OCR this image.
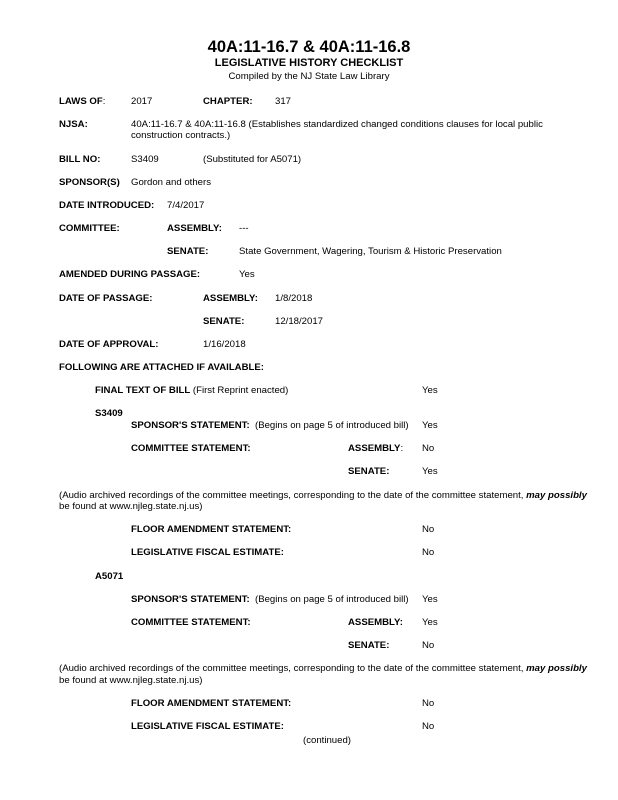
40A:11-16.7 & 40A:11-16.8
LEGISLATIVE HISTORY CHECKLIST
Compiled by the NJ State Law Library
LAWS OF:	2017	CHAPTER: 317
NJSA:	40A:11-16.7 & 40A:11-16.8 (Establishes standardized changed conditions clauses for local public
construction contracts.)
BILL NO:	S3409	(Substituted for A5071)
SPONSOR(S) Gordon and others
DATE INTRODUCED: 7/4/2017
COMMITTEE:	ASSEMBLY: ---
SENATE:	State Government, Wagering, Tourism & Historic Preservation
AMENDED DURING PASSAGE:	Yes
DATE OF PASSAGE:	ASSEMBLY: 1/8/2018
SENATE:	12/18/2017
DATE OF APPROVAL:	1/16/2018
FOLLOWING ARE ATTACHED IF AVAILABLE:
FINAL TEXT OF BILL (First Reprint enacted)	Yes
S3409
SPONSOR'S STATEMENT: (Begins on page 5 of introduced bill) Yes
COMMITTEE STATEMENT:	ASSEMBLY: No
SENATE:	Yes
(Audio archived recordings of the committee meetings, corresponding to the date of the committee statement, may possibly
be found at www.njleg.state.nj.us)
FLOOR AMENDMENT STATEMENT:	No
LEGISLATIVE FISCAL ESTIMATE:	No
A5071
SPONSOR'S STATEMENT: (Begins on page 5 of introduced bill) Yes
COMMITTEE STATEMENT:	ASSEMBLY: Yes
SENATE:	No
(Audio archived recordings of the committee meetings, corresponding to the date of the committee statement, may possibly
be found at www.njleg.state.nj.us)
FLOOR AMENDMENT STATEMENT:	No
LEGISLATIVE FISCAL ESTIMATE:	No
(continued)
